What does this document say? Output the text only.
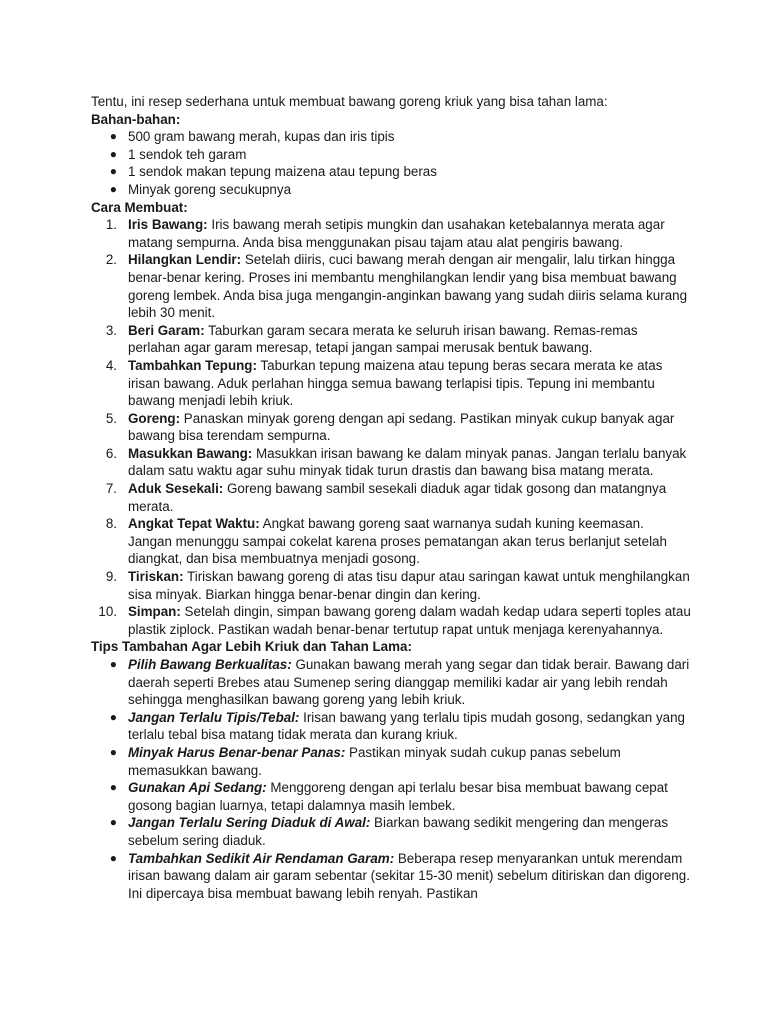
Tentu, ini resep sederhana untuk membuat bawang goreng kriuk yang bisa tahan lama:

Bahan-bahan:

● 500 gram bawang merah, kupas dan iris tipis
● 1 sendok teh garam
● 1 sendok makan tepung maizena atau tepung beras
● Minyak goreng secukupnya

Cara Membuat:

1. Iris Bawang: Iris bawang merah setipis mungkin dan usahakan ketebalannya merata agar matang sempurna. Anda bisa menggunakan pisau tajam atau alat pengiris bawang.
2. Hilangkan Lendir: Setelah diiris, cuci bawang merah dengan air mengalir, lalu tirkan hingga benar-benar kering. Proses ini membantu menghilangkan lendir yang bisa membuat bawang goreng lembek. Anda bisa juga mengangin-anginkan bawang yang sudah diiris selama kurang lebih 30 menit.
3. Beri Garam: Taburkan garam secara merata ke seluruh irisan bawang. Remas-remas perlahan agar garam meresap, tetapi jangan sampai merusak bentuk bawang.
4. Tambahkan Tepung: Taburkan tepung maizena atau tepung beras secara merata ke atas irisan bawang. Aduk perlahan hingga semua bawang terlapisi tipis. Tepung ini membantu bawang menjadi lebih kriuk.
5. Goreng: Panaskan minyak goreng dengan api sedang. Pastikan minyak cukup banyak agar bawang bisa terendam sempurna.
6. Masukkan Bawang: Masukkan irisan bawang ke dalam minyak panas. Jangan terlalu banyak dalam satu waktu agar suhu minyak tidak turun drastis dan bawang bisa matang merata.
7. Aduk Sesekali: Goreng bawang sambil sesekali diaduk agar tidak gosong dan matangnya merata.
8. Angkat Tepat Waktu: Angkat bawang goreng saat warnanya sudah kuning keemasan. Jangan menunggu sampai cokelat karena proses pematangan akan terus berlanjut setelah diangkat, dan bisa membuatnya menjadi gosong.
9. Tiriskan: Tiriskan bawang goreng di atas tisu dapur atau saringan kawat untuk menghilangkan sisa minyak. Biarkan hingga benar-benar dingin dan kering.
10. Simpan: Setelah dingin, simpan bawang goreng dalam wadah kedap udara seperti toples atau plastik ziplock. Pastikan wadah benar-benar tertutup rapat untuk menjaga kerenyahannya.

Tips Tambahan Agar Lebih Kriuk dan Tahan Lama:

● Pilih Bawang Berkualitas: Gunakan bawang merah yang segar dan tidak berair. Bawang dari daerah seperti Brebes atau Sumenep sering dianggap memiliki kadar air yang lebih rendah sehingga menghasilkan bawang goreng yang lebih kriuk.
● Jangan Terlalu Tipis/Tebal: Irisan bawang yang terlalu tipis mudah gosong, sedangkan yang terlalu tebal bisa matang tidak merata dan kurang kriuk.
● Minyak Harus Benar-benar Panas: Pastikan minyak sudah cukup panas sebelum memasukkan bawang.
● Gunakan Api Sedang: Menggoreng dengan api terlalu besar bisa membuat bawang cepat gosong bagian luarnya, tetapi dalamnya masih lembek.
● Jangan Terlalu Sering Diaduk di Awal: Biarkan bawang sedikit mengering dan mengeras sebelum sering diaduk.
● Tambahkan Sedikit Air Rendaman Garam: Beberapa resep menyarankan untuk merendam irisan bawang dalam air garam sebentar (sekitar 15-30 menit) sebelum ditiriskan dan digoreng. Ini dipercaya bisa membuat bawang lebih renyah. Pastikan
